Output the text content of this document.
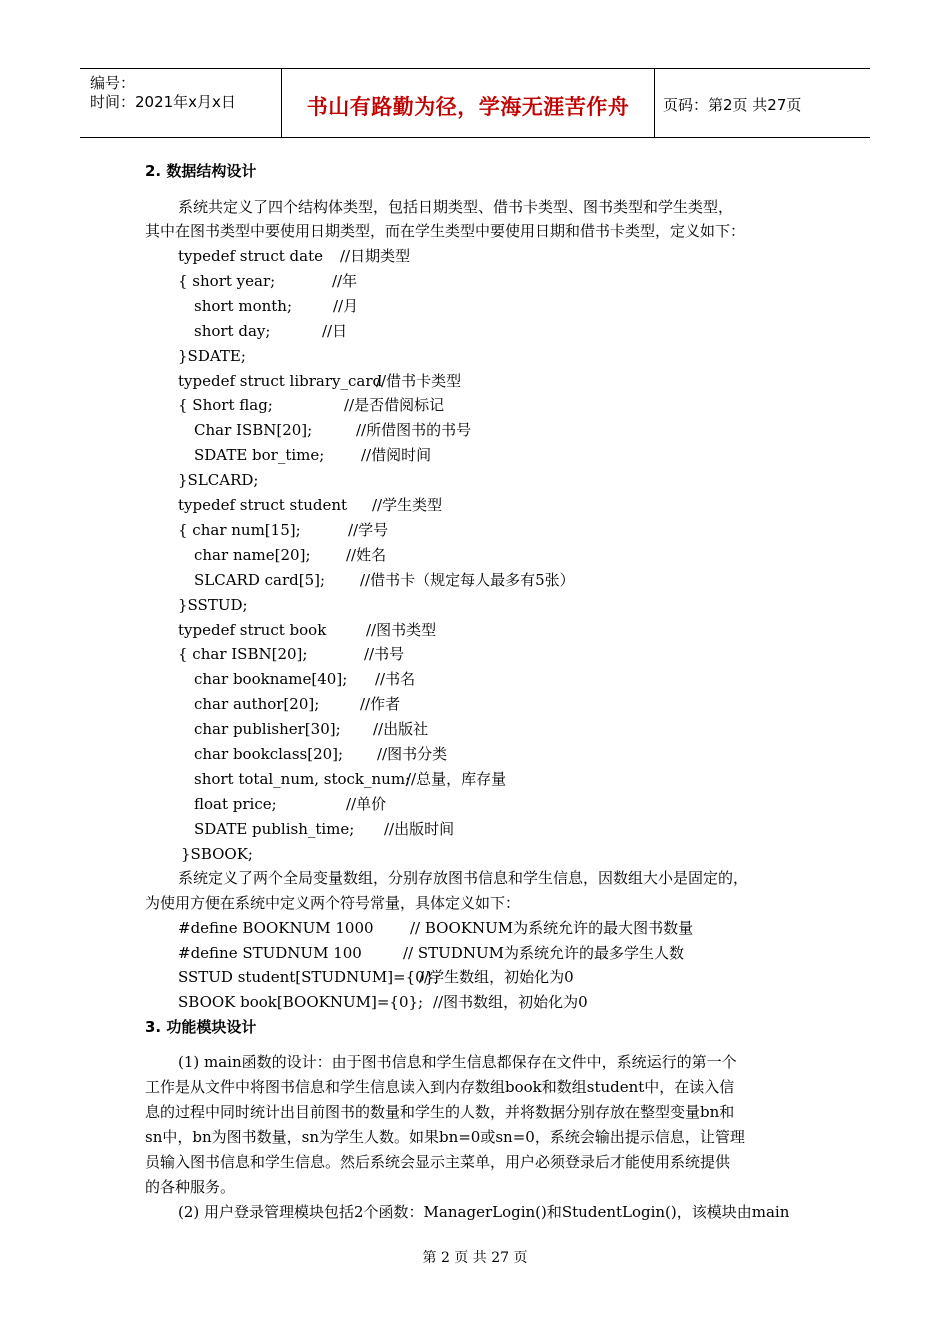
编号：
时间：2021年x月x日	书山有路勤为径，学海无涯苦作舟	页码：第2页 共27页
2. 数据结构设计
系统共定义了四个结构体类型，包括日期类型、借书卡类型、图书类型和学生类型，
其中在图书类型中要使用日期类型，而在学生类型中要使用日期和借书卡类型，定义如下：
typedef struct date //日期类型
{ short year;	//年
short month;	//月
short day;	//日
}SDATE;
typedef struct library_card
//借书卡类型
{ Short flag;	//是否借阅标记
Char ISBN[20];	//所借图书的书号
SDATE bor_time; //借阅时间
}SLCARD;
typedef struct student //学生类型
{ char num[15];	//学号
char name[20]; //姓名
SLCARD card[5]; //借书卡（规定每人最多有5张）
}SSTUD;
typedef struct book	//图书类型
{ char ISBN[20];	//书号
char bookname[40]; //书名
char author[20];	//作者
char publisher[30]; //出版社
char bookclass[20]; //图书分类
short total_num, stock_num;
//总量，库存量
float price;	//单价
SDATE publish_time; //出版时间
}SBOOK;
系统定义了两个全局变量数组，分别存放图书信息和学生信息，因数组大小是固定的，
为使用方便在系统中定义两个符号常量，具体定义如下：
#define BOOKNUM 1000 // BOOKNUM为系统允许的最大图书数量
#define STUDNUM 100	// STUDNUM为系统允许的最多学生人数
SSTUD student[STUDNUM]={0};
//学生数组，初始化为0
SBOOK book[BOOKNUM]={0}; //图书数组，初始化为0
3. 功能模块设计
(1) main函数的设计：由于图书信息和学生信息都保存在文件中，系统运行的第一个
工作是从文件中将图书信息和学生信息读入到内存数组book和数组student中，在读入信
息的过程中同时统计出目前图书的数量和学生的人数，并将数据分别存放在整型变量bn和
sn中，bn为图书数量，sn为学生人数。如果bn=0或sn=0，系统会输出提示信息，让管理
员输入图书信息和学生信息。然后系统会显示主菜单，用户必须登录后才能使用系统提供
的各种服务。
(2) 用户登录管理模块包括2个函数：ManagerLogin()和StudentLogin()，该模块由main
第 2 页 共 27 页
